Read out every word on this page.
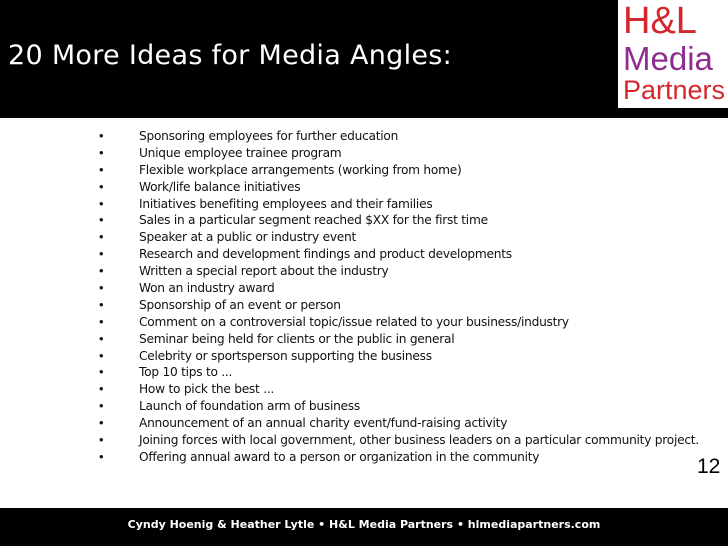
20 More Ideas for Media Angles:
H&L
Media
Partners
•	Sponsoring employees for further education
•	Unique employee trainee program
•	Flexible workplace arrangements (working from home)
•	Work/life balance initiatives
•	Initiatives benefiting employees and their families
•	Sales in a particular segment reached $XX for the first time
•	Speaker at a public or industry event
•	Research and development findings and product developments
•	Written a special report about the industry
•	Won an industry award
•	Sponsorship of an event or person
•	Comment on a controversial topic/issue related to your business/industry
•	Seminar being held for clients or the public in general
•	Celebrity or sportsperson supporting the business
•	Top 10 tips to ...
•	How to pick the best ...
•	Launch of foundation arm of business
•	Announcement of an annual charity event/fund-raising activity
•	Joining forces with local government, other business leaders on a particular community project.
•	Offering annual award to a person or organization in the community	12
Cyndy Hoenig & Heather Lytle • H&L Media Partners • hlmediapartners.com
